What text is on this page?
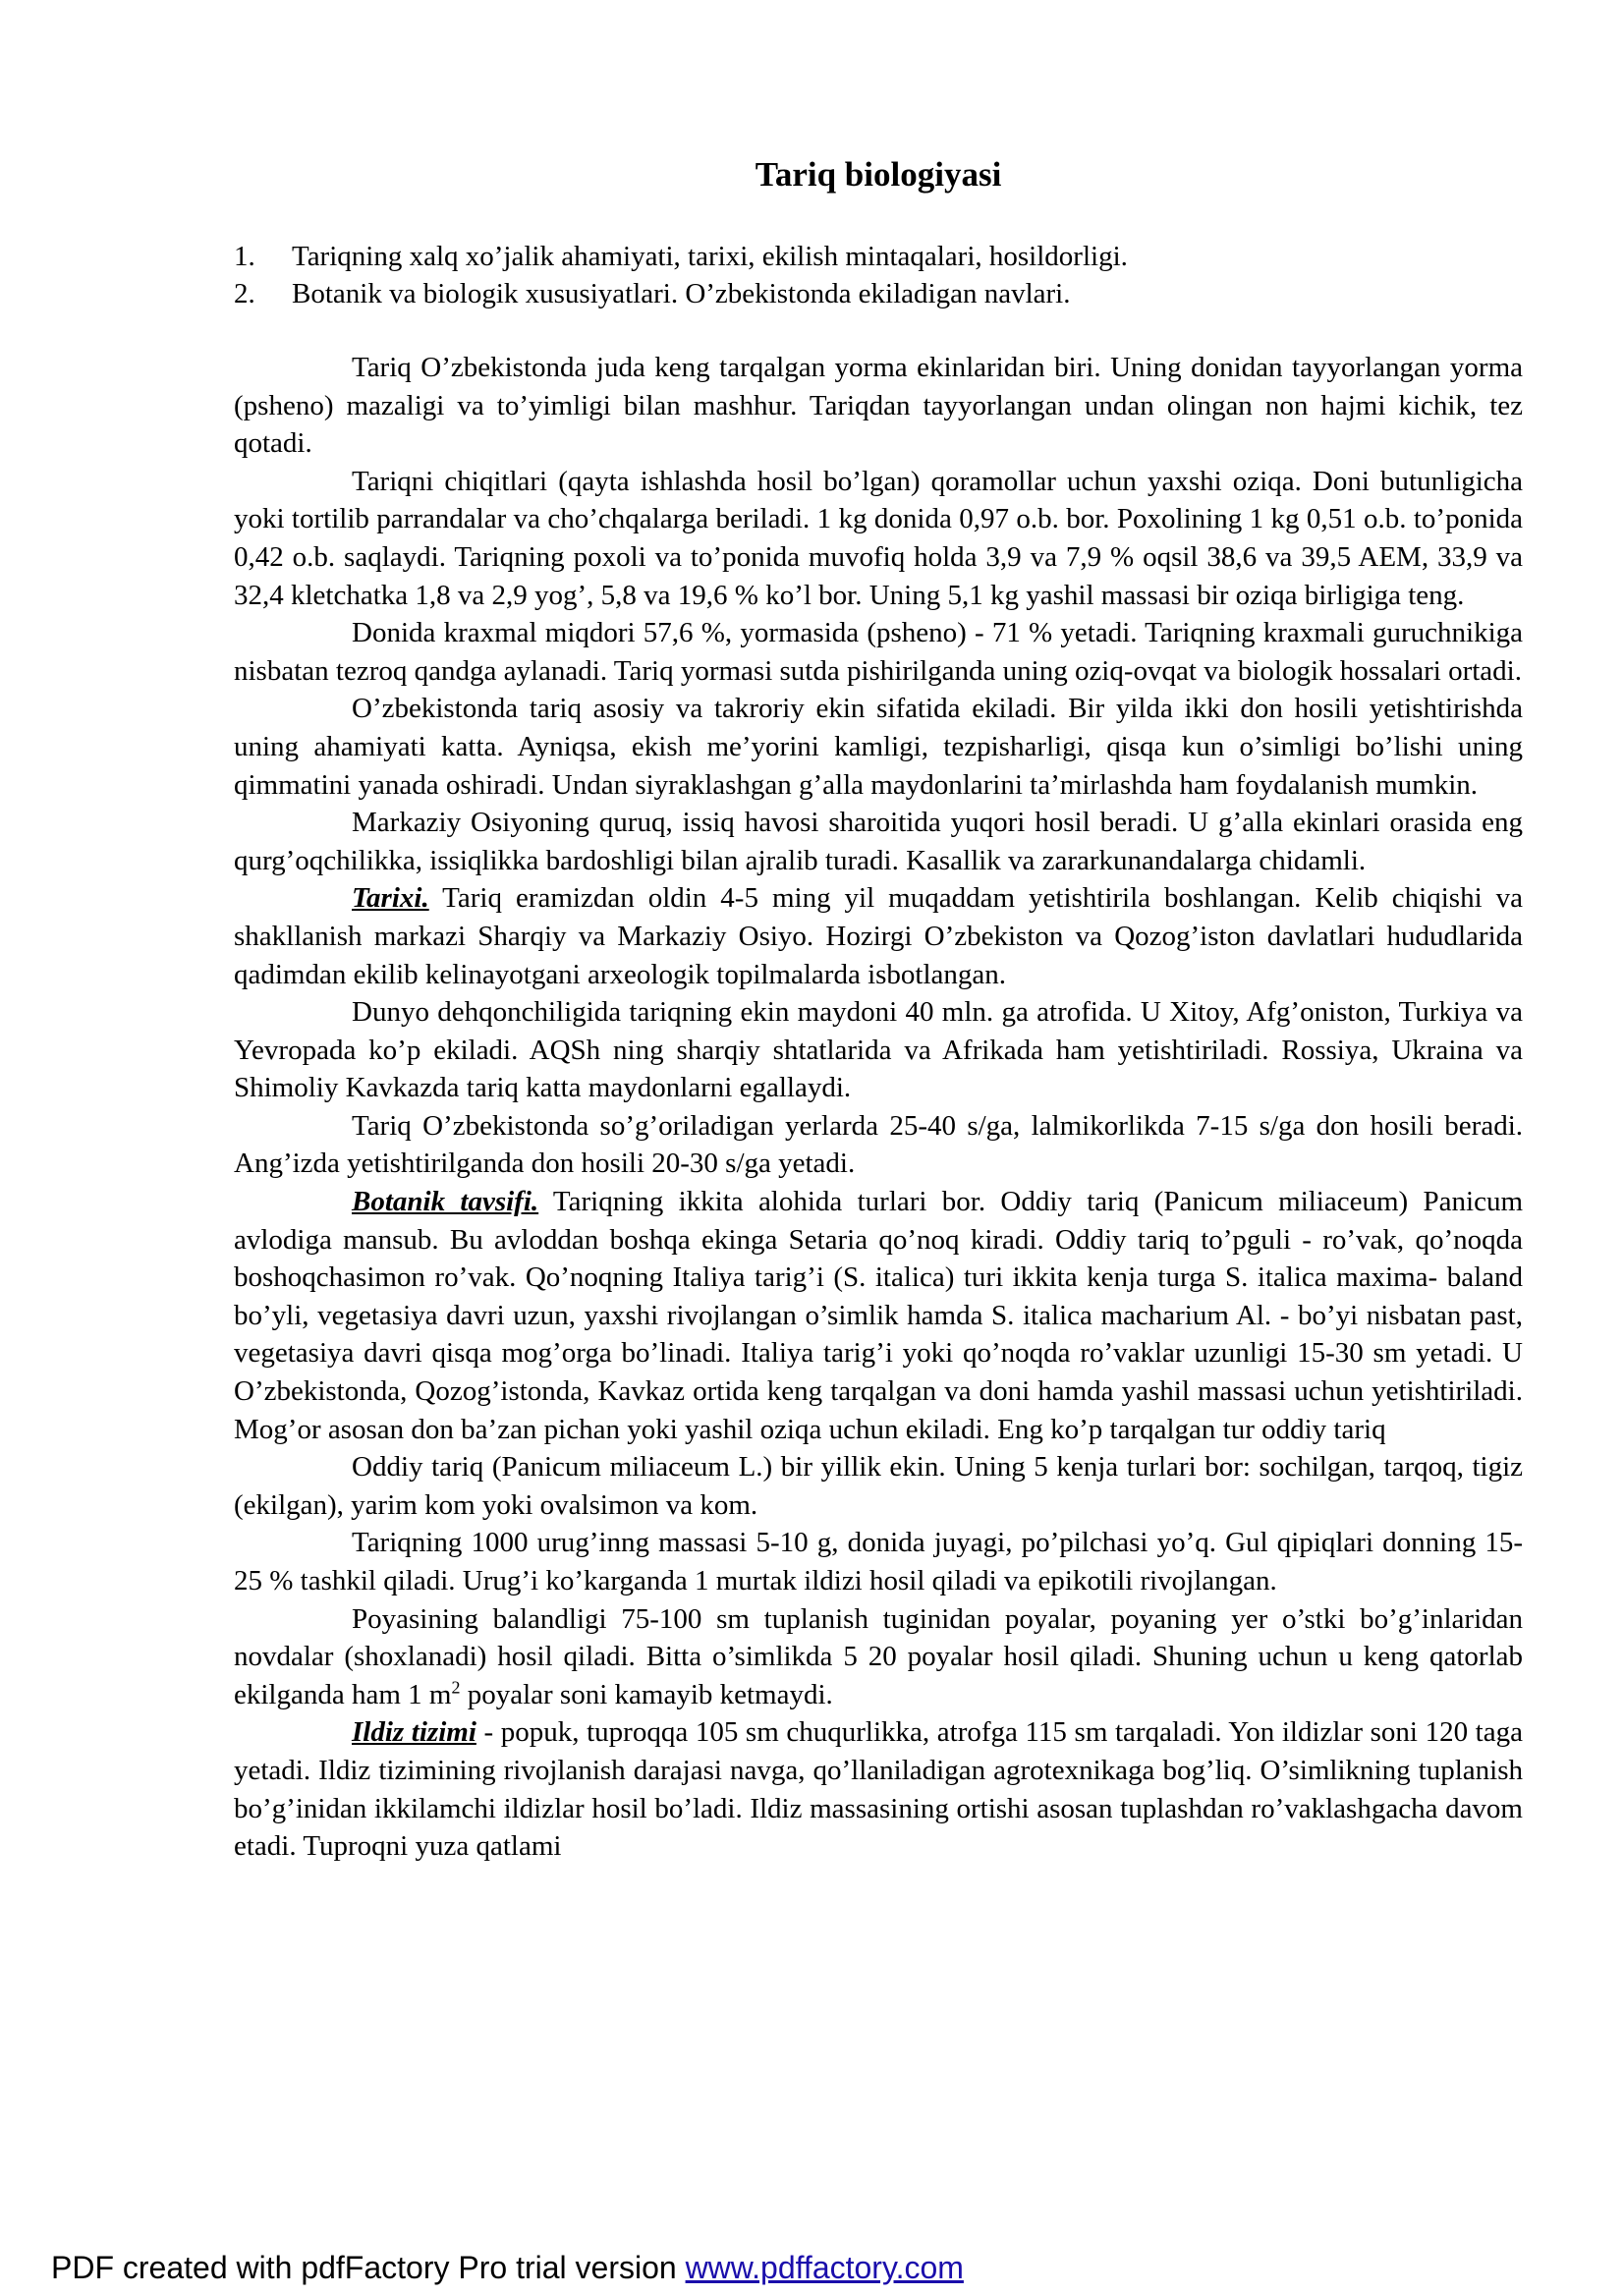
Tariq biologiyasi
1. Tariqning xalq xo’jalik ahamiyati, tarixi, ekilish mintaqalari, hosildorligi.
2. Botanik va biologik xususiyatlari. O’zbekistonda ekiladigan navlari.

Tariq O’zbekistonda juda keng tarqalgan yorma ekinlaridan biri. Uning donidan tayyorlangan yorma (psheno) mazaligi va to’yimligi bilan mashhur. Tariqdan tayyorlangan undan olingan non hajmi kichik, tez qotadi.

Tariqni chiqitlari (qayta ishlashda hosil bo’lgan) qoramollar uchun yaxshi oziqa. Doni butunligicha yoki tortilib parrandalar va cho’chqalarga beriladi. 1 kg donida 0,97 o.b. bor. Poxolining 1 kg 0,51 o.b. to’ponida 0,42 o.b. saqlaydi. Tariqning poxoli va to’ponida muvofiq holda 3,9 va 7,9 % oqsil 38,6 va 39,5 AEM, 33,9 va 32,4 kletchatka 1,8 va 2,9 yog’, 5,8 va 19,6 % ko’l bor. Uning 5,1 kg yashil massasi bir oziqa birligiga teng.

Donida kraxmal miqdori 57,6 %, yormasida (psheno) - 71 % yetadi. Tariqning kraxmali guruchnikiga nisbatan tezroq qandga aylanadi. Tariq yormasi sutda pishirilganda uning oziq-ovqat va biologik hossalari ortadi.

O’zbekistonda tariq asosiy va takroriy ekin sifatida ekiladi. Bir yilda ikki don hosili yetishtirishda uning ahamiyati katta. Ayniqsa, ekish me’yorini kamligi, tezpisharligi, qisqa kun o’simligi bo’lishi uning qimmatini yanada oshiradi. Undan siyraklashgan g’alla maydonlarini ta’mirlashda ham foydalanish mumkin.

Markaziy Osiyoning quruq, issiq havosi sharoitida yuqori hosil beradi. U g’alla ekinlari orasida eng qurg’oqchilikka, issiqlikka bardoshligi bilan ajralib turadi. Kasallik va zararkunandalarga chidamli.

Tarixi. Tariq eramizdan oldin 4-5 ming yil muqaddam yetishtirila boshlangan. Kelib chiqishi va shakllanish markazi Sharqiy va Markaziy Osiyo. Hozirgi O’zbekiston va Qozog’iston davlatlari hududlarida qadimdan ekilib kelinayotgani arxeologik topilmalarda isbotlangan.

Dunyo dehqonchiligida tariqning ekin maydoni 40 mln. ga atrofida. U Xitoy, Afg’oniston, Turkiya va Yevropada ko’p ekiladi. AQSh ning sharqiy shtatlarida va Afrikada ham yetishtiriladi. Rossiya, Ukraina va Shimoliy Kavkazda tariq katta maydonlarni egallaydi.

Tariq O’zbekistonda so’g’oriladigan yerlarda 25-40 s/ga, lalmikorlikda 7-15 s/ga don hosili beradi. Ang’izda yetishtirilganda don hosili 20-30 s/ga yetadi.

Botanik tavsifi. Tariqning ikkita alohida turlari bor. Oddiy tariq (Panicum miliaceum) Panicum avlodiga mansub. Bu avloddan boshqa ekinga Setaria qo’noq kiradi. Oddiy tariq to’pguli - ro’vak, qo’noqda boshoqchasimon ro’vak. Qo’noqning Italiya tarig’i (S. italica) turi ikkita kenja turga S. italica maxima- baland bo’yli, vegetasiya davri uzun, yaxshi rivojlangan o’simlik hamda S. italica macharium Al. - bo’yi nisbatan past, vegetasiya davri qisqa mog’orga bo’linadi. Italiya tarig’i yoki qo’noqda ro’vaklar uzunligi 15-30 sm yetadi. U O’zbekistonda, Qozog’istonda, Kavkaz ortida keng tarqalgan va doni hamda yashil massasi uchun yetishtiriladi. Mog’or asosan don ba’zan pichan yoki yashil oziqa uchun ekiladi. Eng ko’p tarqalgan tur oddiy tariq

Oddiy tariq (Panicum miliaceum L.) bir yillik ekin. Uning 5 kenja turlari bor: sochilgan, tarqoq, tigiz (ekilgan), yarim kom yoki ovalsimon va kom.

Tariqning 1000 urug’inng massasi 5-10 g, donida juyagi, po’pilchasi yo’q. Gul qipiqlari donning 15-25 % tashkil qiladi. Urug’i ko’karganda 1 murtak ildizi hosil qiladi va epikotili rivojlangan.

Poyasining balandligi 75-100 sm tuplanish tuginidan poyalar, poyaning yer o’stki bo’g’inlaridan novdalar (shoxlanadi) hosil qiladi. Bitta o’simlikda 5 20 poyalar hosil qiladi. Shuning uchun u keng qatorlab ekilganda ham 1 $m^2$ poyalar soni kamayib ketmaydi.

Ildiz tizimi - popuk, tuproqqa 105 sm chuqurlikka, atrofga 115 sm tarqaladi. Yon ildizlar soni 120 taga yetadi. Ildiz tizimining rivojlanish darajasi navga, qo’llaniladigan agrotexnikaga bog’liq. O’simlikning tuplanish bo’g’inidan ikkilamchi ildizlar hosil bo’ladi. Ildiz massasining ortishi asosan tuplashdan ro’vaklashgacha davom etadi. Tuproqni yuza qatlami

PDF created with pdfFactory Pro trial version www.pdffactory.com
